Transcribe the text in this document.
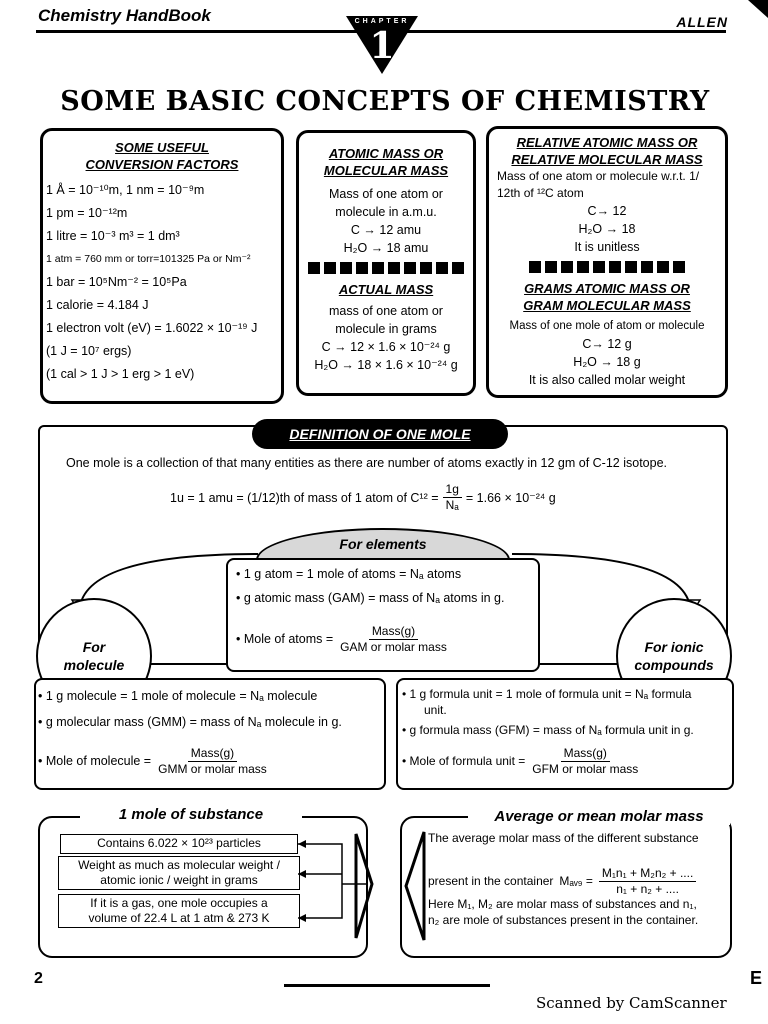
Chemistry HandBook	ALLEN
CHAPTER
1
SOME BASIC CONCEPTS OF CHEMISTRY
SOME USEFUL
CONVERSION FACTORS
1 Å = 10⁻¹⁰m, 1 nm = 10⁻⁹m
1 pm = 10⁻¹²m
1 litre = 10⁻³ m³ = 1 dm³
1 atm = 760 mm or torr=101325 Pa or Nm⁻²
1 bar = 10⁵Nm⁻² = 10⁵Pa
1 calorie = 4.184 J
1 electron volt (eV) = 1.6022 × 10⁻¹⁹ J
(1 J = 10⁷ ergs)
(1 cal > 1 J > 1 erg > 1 eV)
ATOMIC MASS OR
MOLECULAR MASS
Mass of one atom or
molecule in a.m.u.
C → 12 amu
H₂O → 18 amu
ACTUAL MASS
mass of one atom or
molecule in grams
C → 12 × 1.6 × 10⁻²⁴ g
H₂O → 18 × 1.6 × 10⁻²⁴ g
RELATIVE ATOMIC MASS OR
RELATIVE MOLECULAR MASS
Mass of one atom or molecule w.r.t. 1/
12th of ¹²C atom
C→ 12
H₂O → 18
It is unitless
GRAMS ATOMIC MASS OR
GRAM MOLECULAR MASS
Mass of one mole of atom or molecule
C→ 12 g
H₂O → 18 g
It is also called molar weight
DEFINITION OF ONE MOLE
One mole is a collection of that many entities as there are number of atoms exactly in 12 gm of C-12 isotope.
1u = 1 amu = (1/12)th of mass of 1 atom of $C^{12} = \frac{1g}{\text{Nₐ}} = 1.66 \times 10^{-24}$ g
For elements
• 1 g atom = 1 mole of atoms = Nₐ atoms
• g atomic mass (GAM) = mass of Nₐ atoms in g.
• Mole of atoms = $\frac{\text{Mass(g)}}{\text{GAM or molar mass}}$
For
molecule
For ionic
compounds
• 1 g molecule = 1 mole of molecule = Nₐ molecule
• g molecular mass (GMM) = mass of Nₐ molecule in g.
• Mole of molecule = $\frac{\text{Mass(g)}}{\text{GMM or molar mass}}$
• 1 g formula unit = 1 mole of formula unit = Nₐ formula
unit.
• g formula mass (GFM) = mass of Nₐ formula unit in g.
• Mole of formula unit = $\frac{\text{Mass(g)}}{\text{GFM or molar mass}}$
1 mole of substance
Contains 6.022 × 10²³ particles
Weight as much as molecular weight /
atomic ionic / weight in grams
If it is a gas, one mole occupies a
volume of 22.4 L at 1 atm & 273 K
Average or mean molar mass
The average molar mass of the different substance
present in the container Mₐᵥ₉ = $\frac{\text{M₁n₁ + M₂n₂ + ....}}{\text{n₁ + n₂ + ....}}$
Here M₁, M₂ are molar mass of substances and n₁,
n₂ are mole of substances present in the container.
2	E
Scanned by CamScanner
